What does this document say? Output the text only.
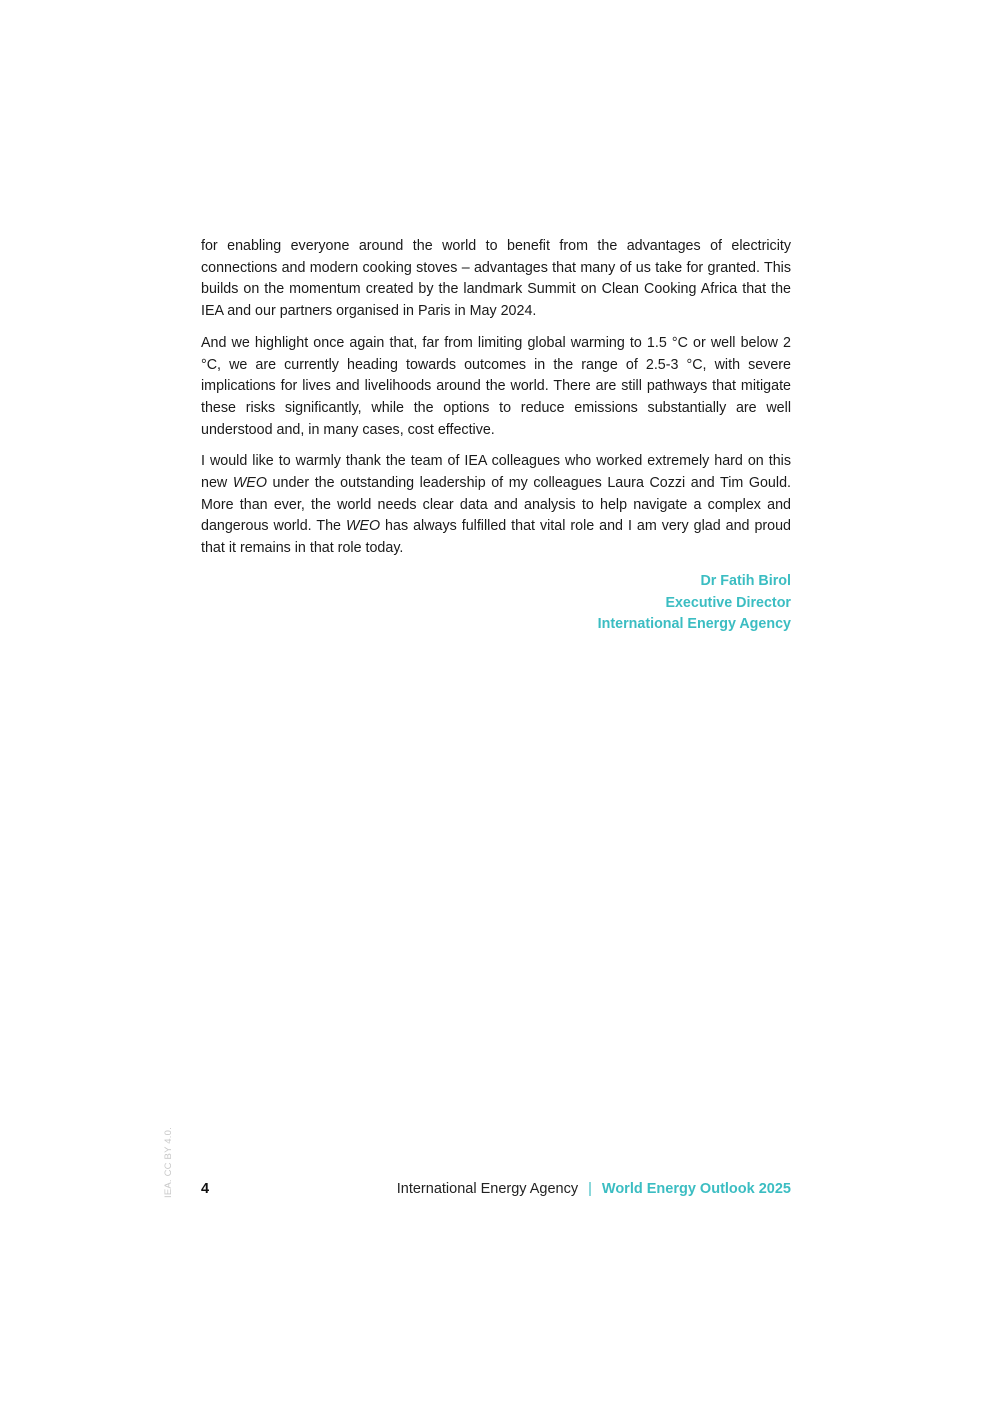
for enabling everyone around the world to benefit from the advantages of electricity connections and modern cooking stoves – advantages that many of us take for granted. This builds on the momentum created by the landmark Summit on Clean Cooking Africa that the IEA and our partners organised in Paris in May 2024.

And we highlight once again that, far from limiting global warming to 1.5 °C or well below 2 °C, we are currently heading towards outcomes in the range of 2.5-3 °C, with severe implications for lives and livelihoods around the world. There are still pathways that mitigate these risks significantly, while the options to reduce emissions substantially are well understood and, in many cases, cost effective.

I would like to warmly thank the team of IEA colleagues who worked extremely hard on this new WEO under the outstanding leadership of my colleagues Laura Cozzi and Tim Gould. More than ever, the world needs clear data and analysis to help navigate a complex and dangerous world. The WEO has always fulfilled that vital role and I am very glad and proud that it remains in that role today.

Dr Fatih Birol
Executive Director
International Energy Agency
IEA. CC BY 4.0. 4	International Energy Agency | World Energy Outlook 2025
